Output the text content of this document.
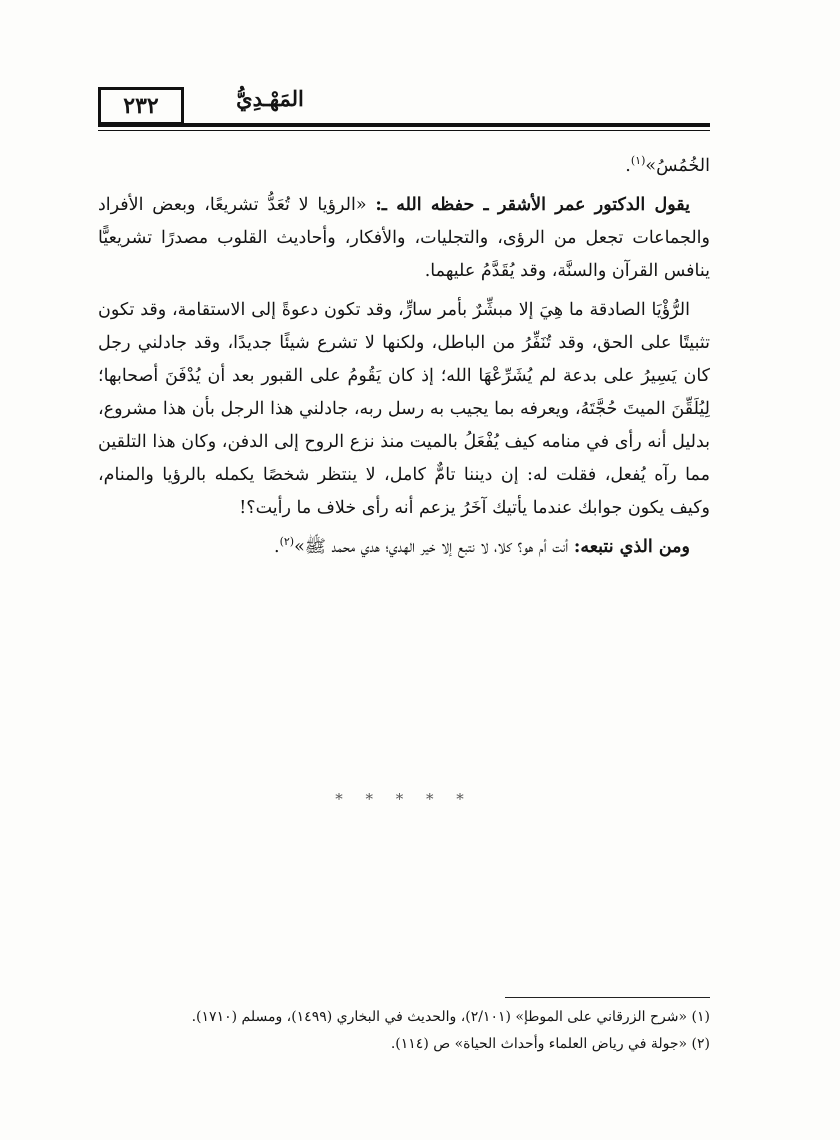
٢٣٢	المَهْـدِيُّ

الخُمُسُ»$^{(١)}$.

يقول الدكتور عمر الأشقر ـ حفظه الله ـ: «الرؤيا لا تُعَدُّ تشريعًا، وبعض الأفراد والجماعات تجعل من الرؤى، والتجليات، والأفكار، وأحاديث القلوب مصدرًا تشريعيًّا ينافس القرآن والسنَّة، وقد يُقَدَّمُ عليهما.

الرُّؤْيَا الصادقة ما هِيَ إلا مبشِّرٌ بأمر سارٍّ، وقد تكون دعوةً إلى الاستقامة، وقد تكون تثبيتًا على الحق، وقد تُنَفِّرُ من الباطل، ولكنها لا تشرع شيئًا جديدًا، وقد جادلني رجل كان يَسِيرُ على بدعة لم يُشَرِّعْهَا الله؛ إذ كان يَقُومُ على القبور بعد أن يُدْفَنَ أصحابها؛ لِيُلَقِّنَ الميتَ حُجَّتَهُ، ويعرفه بما يجيب به رسل ربه، جادلني هذا الرجل بأن هذا مشروع، بدليل أنه رأى في منامه كيف يُفْعَلُ بالميت منذ نزع الروح إلى الدفن، وكان هذا التلقين مما رآه يُفعل، فقلت له: إن ديننا تامٌّ كامل، لا ينتظر شخصًا يكمله بالرؤيا والمنام، وكيف يكون جوابك عندما يأتيك آخَرُ يزعم أنه رأى خلاف ما رأيت؟!

ومن الذي نتبعه: أنت أم هو؟ كلا، لا نتبع إلا خير الهدي؛ هدي محمد ﷺ»$^{(٢)}$.

* * * * *
(١) «شرح الزرقاني على الموطإ» (٢/١٠١)، والحديث في البخاري (١٤٩٩)، ومسلم (١٧١٠).
(٢) «جولة في رياض العلماء وأحداث الحياة» ص (١١٤).
